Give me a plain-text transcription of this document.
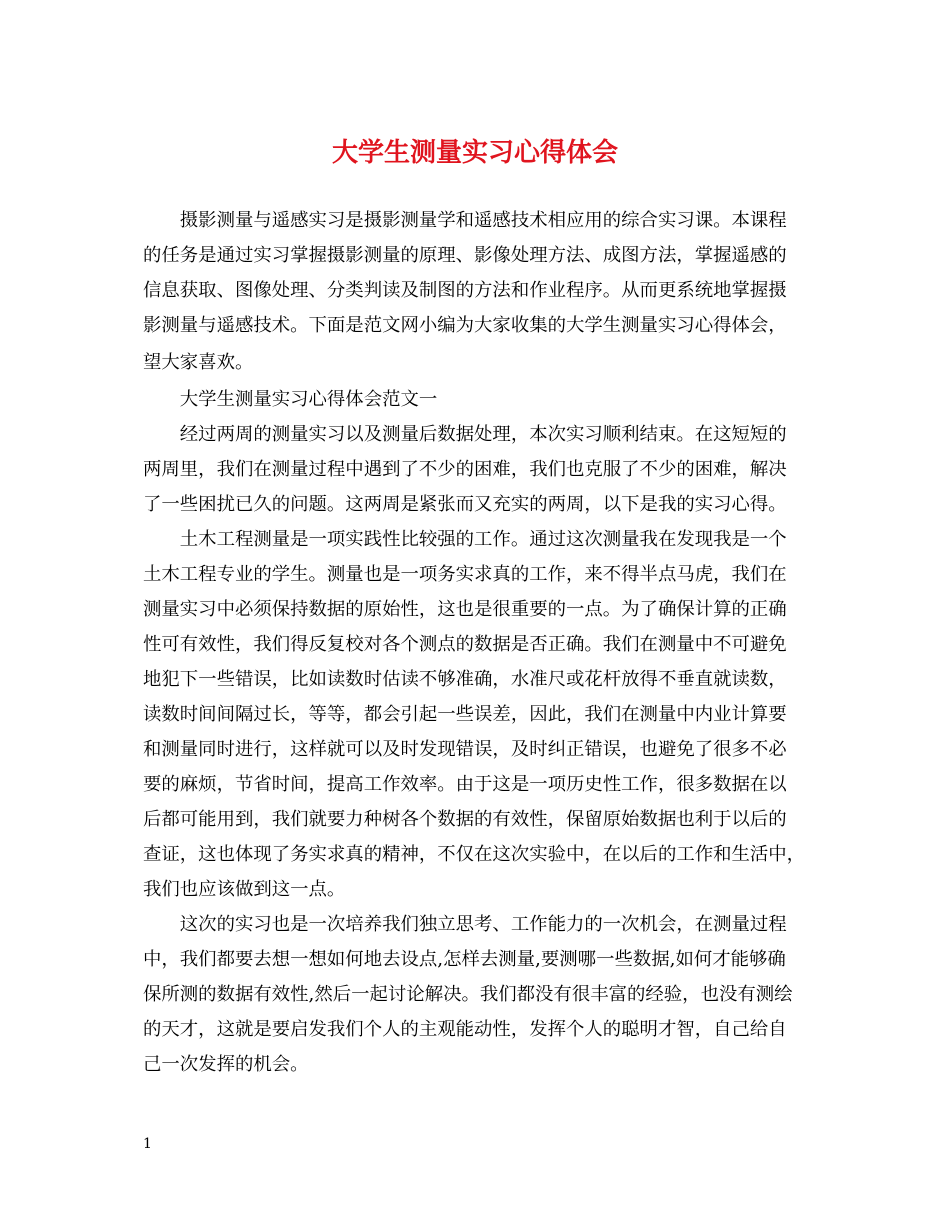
大学生测量实习心得体会

　　摄影测量与遥感实习是摄影测量学和遥感技术相应用的综合实习课。本课程

的任务是通过实习掌握摄影测量的原理、影像处理方法、成图方法，掌握遥感的

信息获取、图像处理、分类判读及制图的方法和作业程序。从而更系统地掌握摄

影测量与遥感技术。下面是范文网小编为大家收集的大学生测量实习心得体会，

望大家喜欢。

　　大学生测量实习心得体会范文一

　　经过两周的测量实习以及测量后数据处理，本次实习顺利结束。在这短短的

两周里，我们在测量过程中遇到了不少的困难，我们也克服了不少的困难，解决

了一些困扰已久的问题。这两周是紧张而又充实的两周，以下是我的实习心得。

　　土木工程测量是一项实践性比较强的工作。通过这次测量我在发现我是一个

土木工程专业的学生。测量也是一项务实求真的工作，来不得半点马虎，我们在

测量实习中必须保持数据的原始性，这也是很重要的一点。为了确保计算的正确

性可有效性，我们得反复校对各个测点的数据是否正确。我们在测量中不可避免

地犯下一些错误，比如读数时估读不够准确，水准尺或花杆放得不垂直就读数，

读数时间间隔过长，等等，都会引起一些误差，因此，我们在测量中内业计算要

和测量同时进行，这样就可以及时发现错误，及时纠正错误，也避免了很多不必

要的麻烦，节省时间，提高工作效率。由于这是一项历史性工作，很多数据在以

后都可能用到，我们就要力种树各个数据的有效性，保留原始数据也利于以后的

查证，这也体现了务实求真的精神，不仅在这次实验中，在以后的工作和生活中，

我们也应该做到这一点。

　　这次的实习也是一次培养我们独立思考、工作能力的一次机会，在测量过程

中，我们都要去想一想如何地去设点,怎样去测量,要测哪一些数据,如何才能够确

保所测的数据有效性,然后一起讨论解决。我们都没有很丰富的经验，也没有测绘

的天才，这就是要启发我们个人的主观能动性，发挥个人的聪明才智，自己给自

己一次发挥的机会。

1
